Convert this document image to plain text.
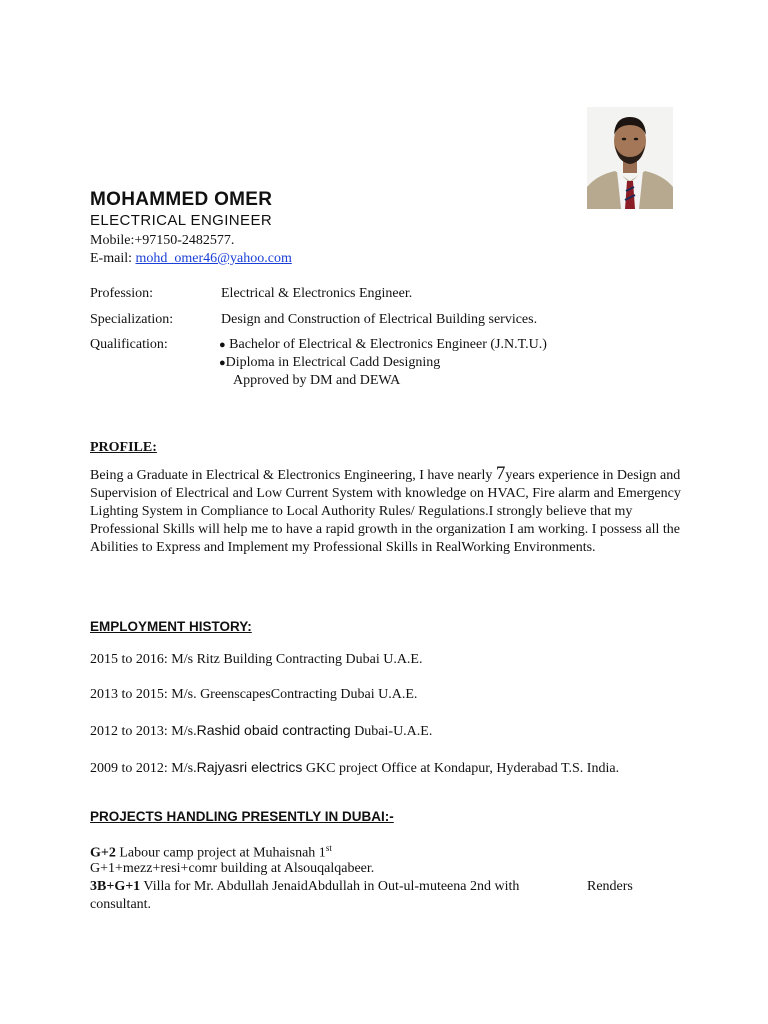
MOHAMMED OMER
ELECTRICAL ENGINEER
Mobile:+97150-2482577.
E-mail: mohd_omer46@yahoo.com
Profession:	Electrical & Electronics Engineer.
Specialization:	Design and Construction of Electrical Building services.
Qualification:	● Bachelor of Electrical & Electronics Engineer (J.N.T.U.)
●Diploma in Electrical Cadd Designing
Approved by DM and DEWA
PROFILE:
Being a Graduate in Electrical & Electronics Engineering, I have nearly 7years experience in Design and Supervision of Electrical and Low Current System with knowledge on HVAC, Fire alarm and Emergency Lighting System in Compliance to Local Authority Rules/ Regulations.I strongly believe that my Professional Skills will help me to have a rapid growth in the organization I am working. I possess all the Abilities to Express and Implement my Professional Skills in RealWorking Environments.
EMPLOYMENT HISTORY:
2015 to 2016: M/s Ritz Building Contracting Dubai U.A.E.
2013 to 2015: M/s. GreenscapesContracting Dubai U.A.E.
2012 to 2013: M/s.Rashid obaid contracting Dubai-U.A.E.
2009 to 2012: M/s.Rajyasri electrics GKC project Office at Kondapur, Hyderabad T.S. India.
PROJECTS HANDLING PRESENTLY IN DUBAI:-
G+2 Labour camp project at Muhaisnah 1st
G+1+mezz+resi+comr building at Alsouqalqabeer.
3B+G+1 Villa for Mr. Abdullah JenaidAbdullah in Out-ul-muteena 2nd with	Renders
consultant.
